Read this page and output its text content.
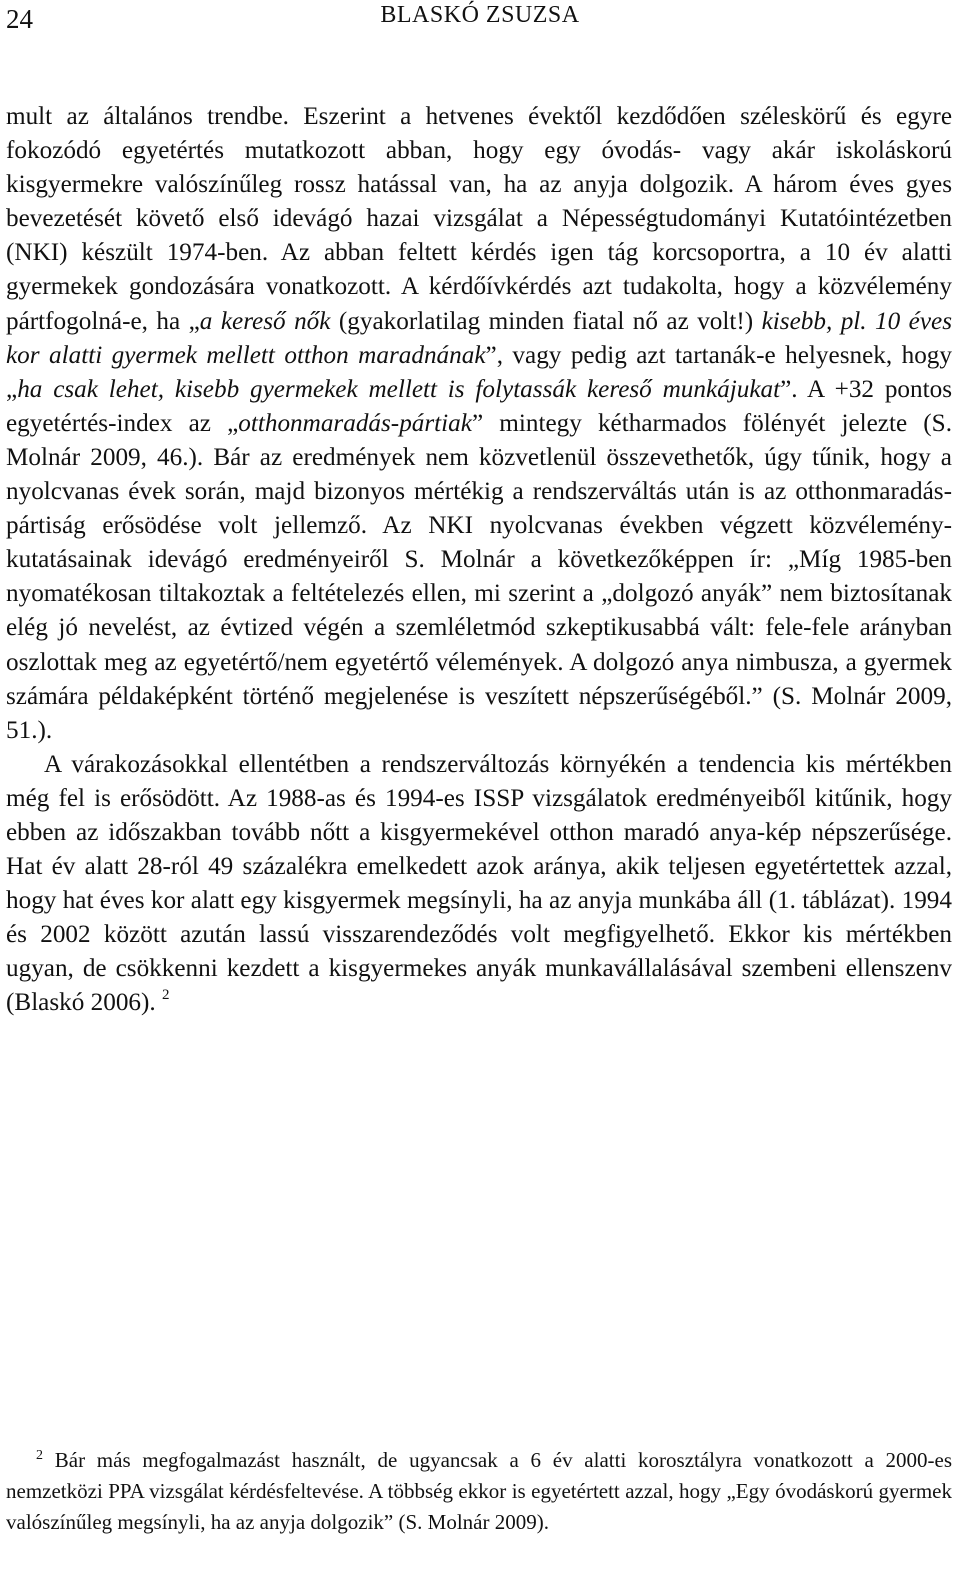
24	BLASKÓ ZSUZSA

mult az általános trendbe. Eszerint a hetvenes évektől kezdődően széleskörű és egyre fokozódó egyetértés mutatkozott abban, hogy egy óvodás- vagy akár iskoláskorú kisgyermekre valószínűleg rossz hatással van, ha az anyja dolgozik. A három éves gyes bevezetését követő első idevágó hazai vizsgálat a Népességtudományi Kutatóintézetben (NKI) készült 1974-ben. Az abban feltett kérdés igen tág korcsoportra, a 10 év alatti gyermekek gondozására vonatkozott. A kérdőívkérdés azt tudakolta, hogy a közvélemény pártfogolná-e, ha „a kereső nők (gyakorlatilag minden fiatal nő az volt!) kisebb, pl. 10 éves kor alatti gyermek mellett otthon maradnának”, vagy pedig azt tartanák-e helyesnek, hogy „ha csak lehet, kisebb gyermekek mellett is folytassák kereső munkájukat”. A +32 pontos egyetértés-index az „otthonmaradás-pártiak” mintegy kétharmados fölényét jelezte (S. Molnár 2009, 46.). Bár az eredmények nem közvetlenül összevethetők, úgy tűnik, hogy a nyolcvanas évek során, majd bizonyos mértékig a rendszerváltás után is az otthonmaradás-pártiság erősödése volt jellemző. Az NKI nyolcvanas években végzett közvélemény-kutatásainak idevágó eredményeiről S. Molnár a következőképpen ír: „Míg 1985-ben nyomatékosan tiltakoztak a feltételezés ellen, mi szerint a „dolgozó anyák” nem biztosítanak elég jó nevelést, az évtized végén a szemléletmód szkeptikusabbá vált: fele-fele arányban oszlottak meg az egyetértő/nem egyetértő vélemények. A dolgozó anya nimbusza, a gyermek számára példaképként történő megjelenése is veszített népszerűségéből.” (S. Molnár 2009, 51.).

A várakozásokkal ellentétben a rendszerváltozás környékén a tendencia kis mértékben még fel is erősödött. Az 1988-as és 1994-es ISSP vizsgálatok eredményeiből kitűnik, hogy ebben az időszakban tovább nőtt a kisgyermekével otthon maradó anya-kép népszerűsége. Hat év alatt 28-ról 49 százalékra emelkedett azok aránya, akik teljesen egyetértettek azzal, hogy hat éves kor alatt egy kisgyermek megsínyli, ha az anyja munkába áll (1. táblázat). 1994 és 2002 között azután lassú visszarendeződés volt megfigyelhető. Ekkor kis mértékben ugyan, de csökkenni kezdett a kisgyermekes anyák munkavállalásával szembeni ellenszenv (Blaskó 2006). $^2$

$^2$ Bár más megfogalmazást használt, de ugyancsak a 6 év alatti korosztályra vonatkozott a 2000-es nemzetközi PPA vizsgálat kérdésfeltevése. A többség ekkor is egyetértett azzal, hogy „Egy óvodáskorú gyermek valószínűleg megsínyli, ha az anyja dolgozik” (S. Molnár 2009).
